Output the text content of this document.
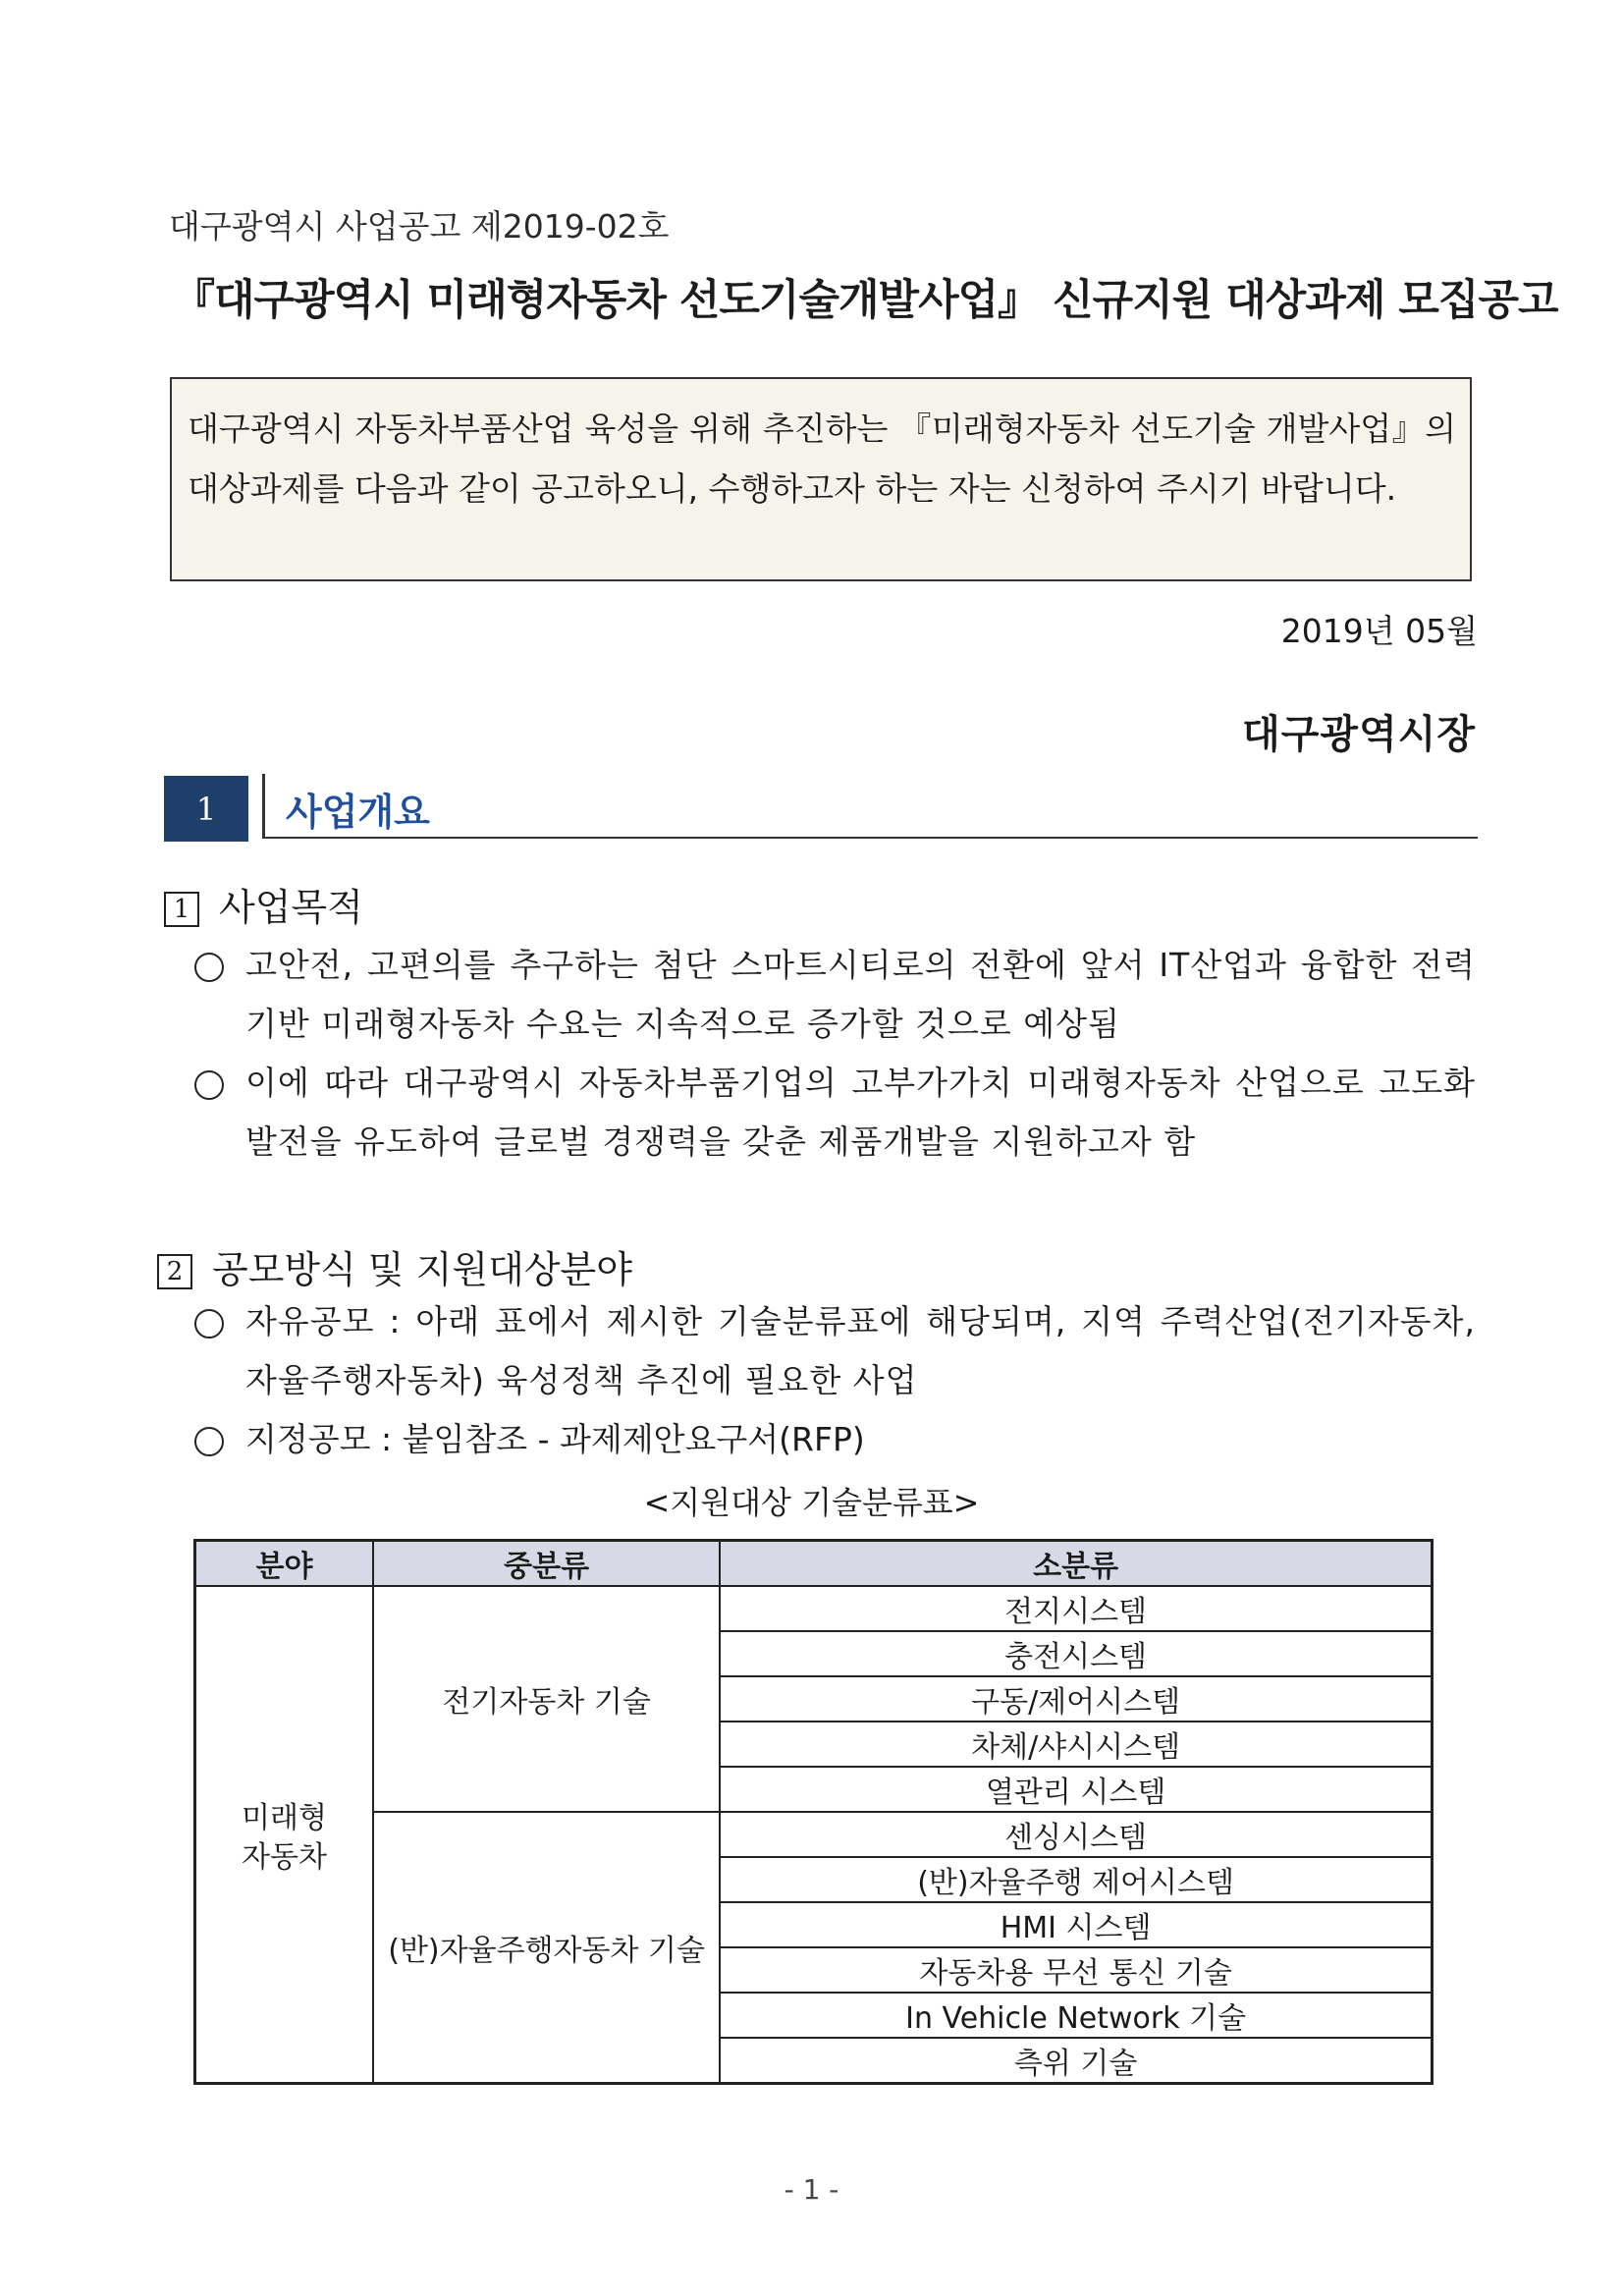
대구광역시 사업공고 제2019-02호
『대구광역시 미래형자동차 선도기술개발사업』 신규지원 대상과제 모집공고
대구광역시 자동차부품산업 육성을 위해 추진하는 『미래형자동차 선도기술 개발사업』의 대상과제를 다음과 같이 공고하오니, 수행하고자 하는 자는 신청하여 주시기 바랍니다.
2019년 05월
대구광역시장
1	사업개요
1 사업목적
고안전, 고편의를 추구하는 첨단 스마트시티로의 전환에 앞서 IT산업과 융합한 전력기반 미래형자동차 수요는 지속적으로 증가할 것으로 예상됨
이에 따라 대구광역시 자동차부품기업의 고부가가치 미래형자동차 산업으로 고도화 발전을 유도하여 글로벌 경쟁력을 갖춘 제품개발을 지원하고자 함
2 공모방식 및 지원대상분야
자유공모 : 아래 표에서 제시한 기술분류표에 해당되며, 지역 주력산업(전기자동차, 자율주행자동차) 육성정책 추진에 필요한 사업
지정공모 : 붙임참조 - 과제제안요구서(RFP)
<지원대상 기술분류표>
분야	중분류	소분류
미래형
자동차	전기자동차 기술	전지시스템
		충전시스템
		구동/제어시스템
		차체/샤시시스템
		열관리 시스템
	(반)자율주행자동차 기술	센싱시스템
		(반)자율주행 제어시스템
		HMI 시스템
		자동차용 무선 통신 기술
		In Vehicle Network 기술
		측위 기술
- 1 -
